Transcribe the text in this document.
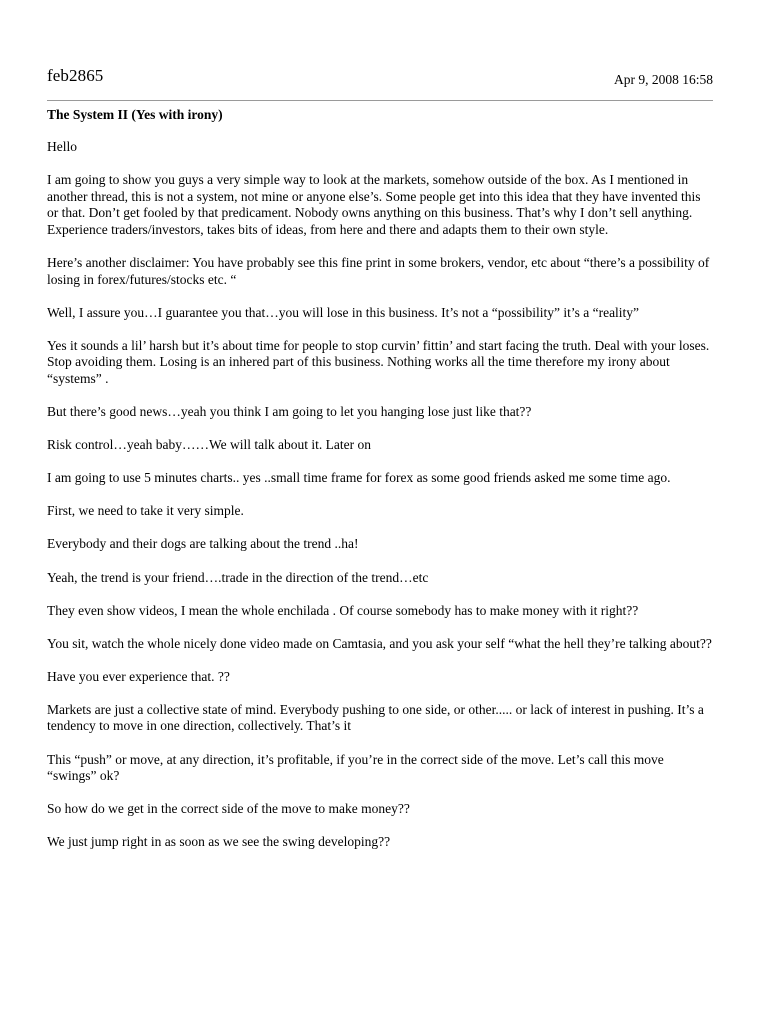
feb2865	Apr 9, 2008 16:58
The System II (Yes with irony)

Hello

I am going to show you guys a very simple way to look at the markets, somehow outside of the box. As I mentioned in another thread, this is not a system, not mine or anyone else’s. Some people get into this idea that they have invented this or that. Don’t get fooled by that predicament. Nobody owns anything on this business. That’s why I don’t sell anything. Experience traders/investors, takes bits of ideas, from here and there and adapts them to their own style.

Here’s another disclaimer: You have probably see this fine print in some brokers, vendor, etc about “there’s a possibility of losing in forex/futures/stocks etc. “

Well, I assure you…I guarantee you that…you will lose in this business. It’s not a “possibility” it’s a “reality”

Yes it sounds a lil’ harsh but it’s about time for people to stop curvin’ fittin’ and start facing the truth. Deal with your loses. Stop avoiding them. Losing is an inhered part of this business. Nothing works all the time therefore my irony about “systems” .

But there’s good news…yeah you think I am going to let you hanging lose just like that??

Risk control…yeah baby……We will talk about it. Later on

I am going to use 5 minutes charts.. yes ..small time frame for forex as some good friends asked me some time ago.

First, we need to take it very simple.

Everybody and their dogs are talking about the trend ..ha!

Yeah, the trend is your friend….trade in the direction of the trend…etc

They even show videos, I mean the whole enchilada . Of course somebody has to make money with it right??

You sit, watch the whole nicely done video made on Camtasia, and you ask your self “what the hell they’re talking about??

Have you ever experience that. ??

Markets are just a collective state of mind. Everybody pushing to one side, or other..... or lack of interest in pushing. It’s a tendency to move in one direction, collectively. That’s it

This “push” or move, at any direction, it’s profitable, if you’re in the correct side of the move. Let’s call this move “swings” ok?

So how do we get in the correct side of the move to make money??

We just jump right in as soon as we see the swing developing??
